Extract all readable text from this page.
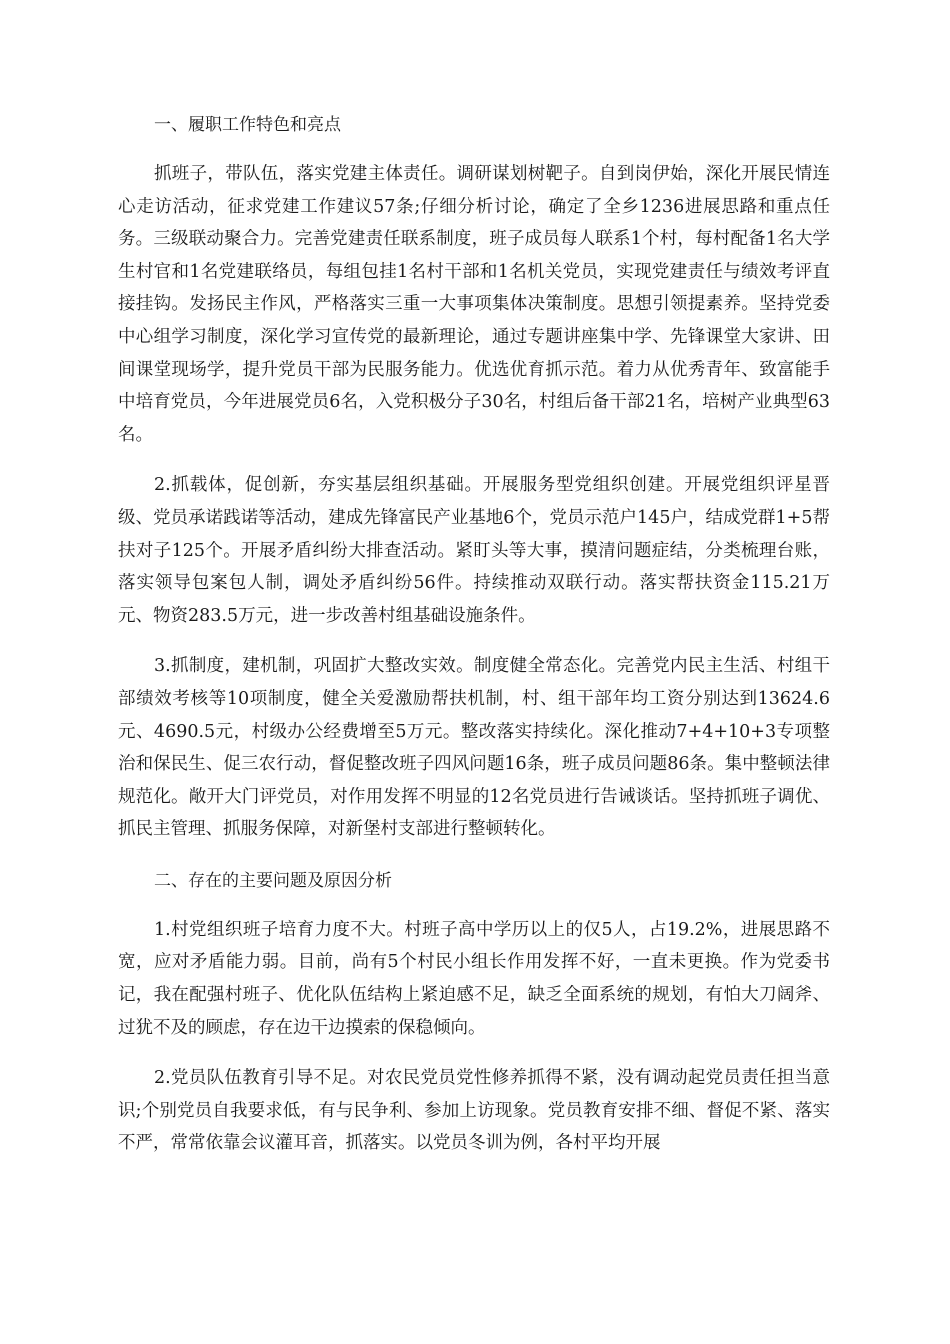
一、履职工作特色和亮点

抓班子，带队伍，落实党建主体责任。调研谋划树靶子。自到岗伊始，深化开展民情连心走访活动，征求党建工作建议57条;仔细分析讨论，确定了全乡1236进展思路和重点任务。三级联动聚合力。完善党建责任联系制度，班子成员每人联系1个村，每村配备1名大学生村官和1名党建联络员，每组包挂1名村干部和1名机关党员，实现党建责任与绩效考评直接挂钩。发扬民主作风，严格落实三重一大事项集体决策制度。思想引领提素养。坚持党委中心组学习制度，深化学习宣传党的最新理论，通过专题讲座集中学、先锋课堂大家讲、田间课堂现场学，提升党员干部为民服务能力。优选优育抓示范。着力从优秀青年、致富能手中培育党员，今年进展党员6名，入党积极分子30名，村组后备干部21名，培树产业典型63名。

2.抓载体，促创新，夯实基层组织基础。开展服务型党组织创建。开展党组织评星晋级、党员承诺践诺等活动，建成先锋富民产业基地6个，党员示范户145户，结成党群1+5帮扶对子125个。开展矛盾纠纷大排查活动。紧盯头等大事，摸清问题症结，分类梳理台账，落实领导包案包人制，调处矛盾纠纷56件。持续推动双联行动。落实帮扶资金115.21万元、物资283.5万元，进一步改善村组基础设施条件。

3.抓制度，建机制，巩固扩大整改实效。制度健全常态化。完善党内民主生活、村组干部绩效考核等10项制度，健全关爱激励帮扶机制，村、组干部年均工资分别达到13624.6元、4690.5元，村级办公经费增至5万元。整改落实持续化。深化推动7+4+10+3专项整治和保民生、促三农行动，督促整改班子四风问题16条，班子成员问题86条。集中整顿法律规范化。敞开大门评党员，对作用发挥不明显的12名党员进行告诫谈话。坚持抓班子调优、抓民主管理、抓服务保障，对新堡村支部进行整顿转化。

二、存在的主要问题及原因分析

1.村党组织班子培育力度不大。村班子高中学历以上的仅5人，占19.2%，进展思路不宽，应对矛盾能力弱。目前，尚有5个村民小组长作用发挥不好，一直未更换。作为党委书记，我在配强村班子、优化队伍结构上紧迫感不足，缺乏全面系统的规划，有怕大刀阔斧、过犹不及的顾虑，存在边干边摸索的保稳倾向。

2.党员队伍教育引导不足。对农民党员党性修养抓得不紧，没有调动起党员责任担当意识;个别党员自我要求低，有与民争利、参加上访现象。党员教育安排不细、督促不紧、落实不严，常常依靠会议灌耳音，抓落实。以党员冬训为例，各村平均开展
